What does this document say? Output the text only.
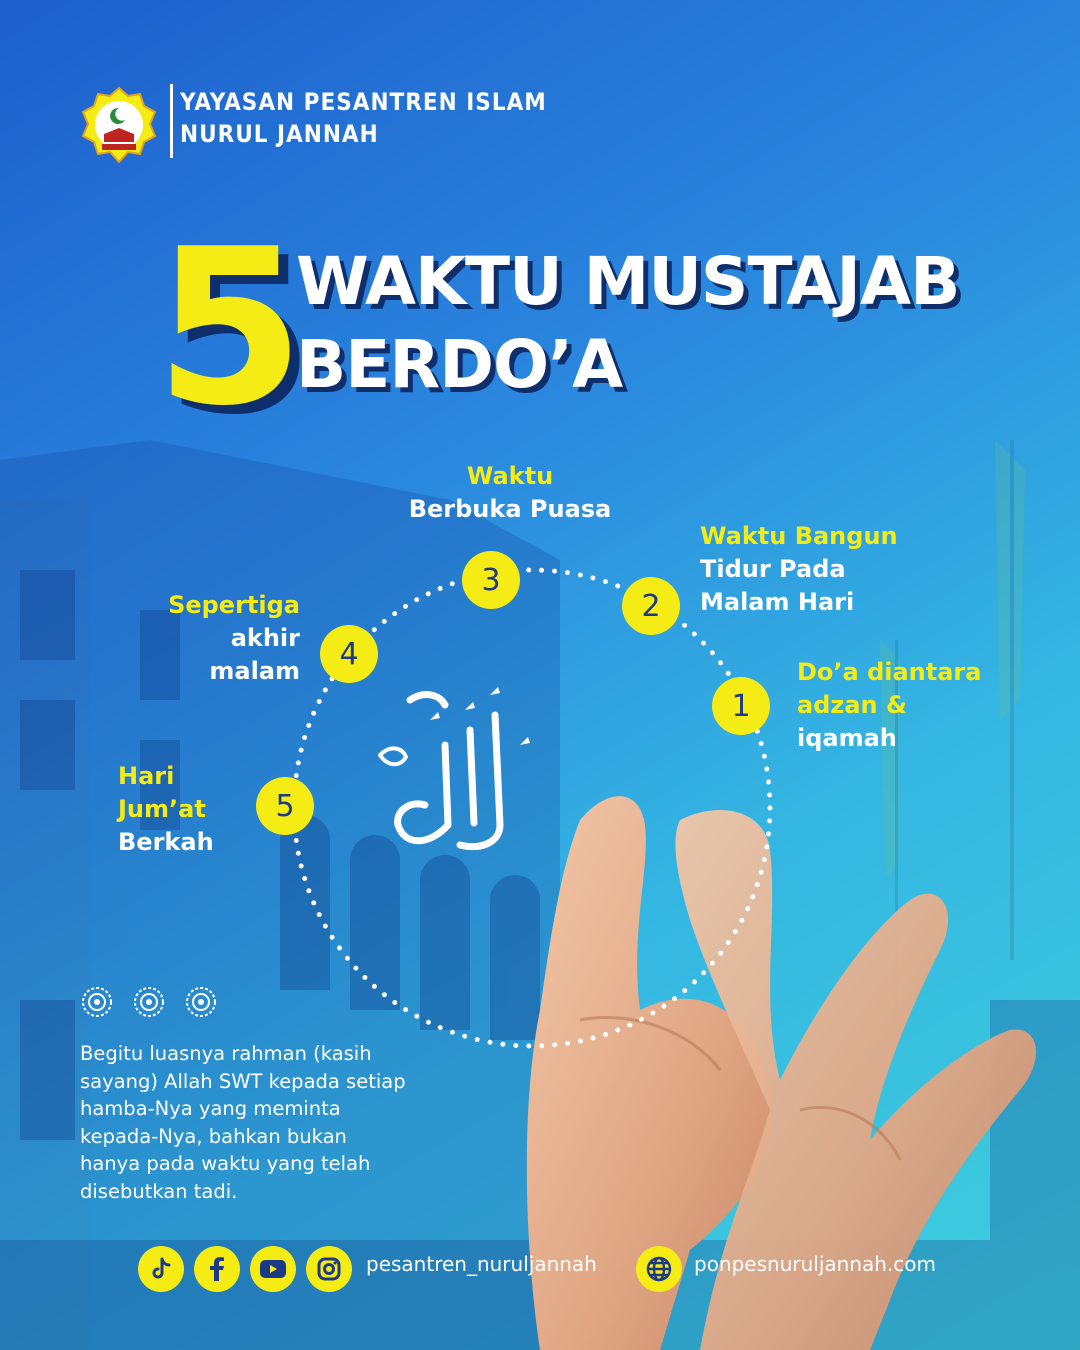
YAYASAN PESANTREN ISLAM
NURUL JANNAH
5
WAKTU MUSTAJAB
BERDO’A
1
2
3
4
5
Do’a diantara
adzan &
iqamah
Waktu Bangun
Tidur Pada
Malam Hari
Waktu
Berbuka Puasa
Sepertiga
akhir
malam
Hari
Jum’at
Berkah
Begitu luasnya rahman (kasih
sayang) Allah SWT kepada setiap
hamba-Nya yang meminta
kepada-Nya, bahkan bukan
hanya pada waktu yang telah
disebutkan tadi.
pesantren_nuruljannah	ponpesnuruljannah.com
